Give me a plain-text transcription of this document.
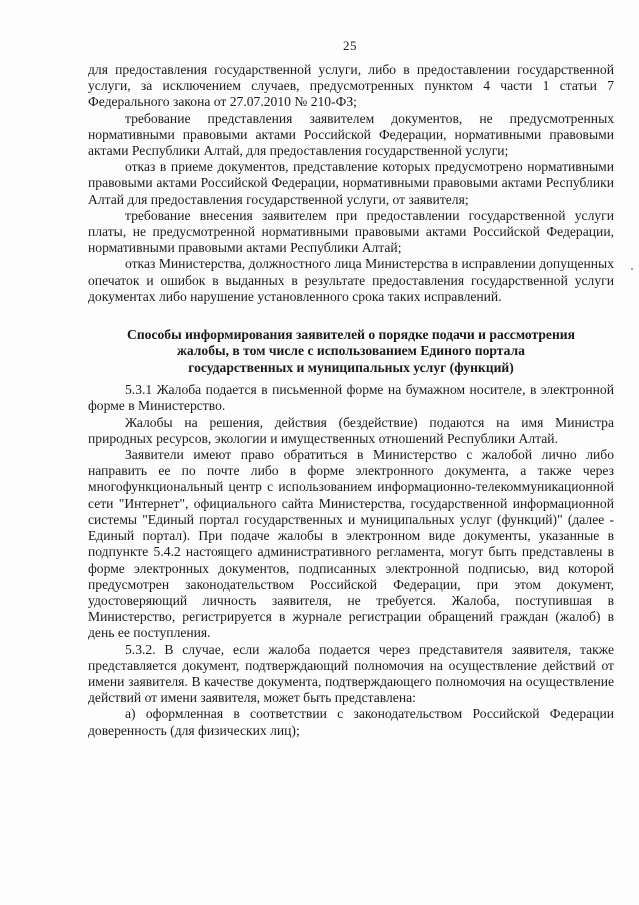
25

для предоставления государственной услуги, либо в предоставлении государственной услуги, за исключением случаев, предусмотренных пунктом 4 части 1 статьи 7 Федерального закона от 27.07.2010 № 210-ФЗ;

требование представления заявителем документов, не предусмотренных нормативными правовыми актами Российской Федерации, нормативными правовыми актами Республики Алтай, для предоставления государственной услуги;

отказ в приеме документов, представление которых предусмотрено нормативными правовыми актами Российской Федерации, нормативными правовыми актами Республики Алтай для предоставления государственной услуги, от заявителя;

требование внесения заявителем при предоставлении государственной услуги платы, не предусмотренной нормативными правовыми актами Российской Федерации, нормативными правовыми актами Республики Алтай;

отказ Министерства, должностного лица Министерства в исправлении допущенных опечаток и ошибок в выданных в результате предоставления государственной услуги документах либо нарушение установленного срока таких исправлений.

Способы информирования заявителей о порядке подачи и рассмотрения жалобы, в том числе с использованием Единого портала государственных и муниципальных услуг (функций)

5.3.1 Жалоба подается в письменной форме на бумажном носителе, в электронной форме в Министерство.

Жалобы на решения, действия (бездействие) подаются на имя Министра природных ресурсов, экологии и имущественных отношений Республики Алтай.

Заявители имеют право обратиться в Министерство с жалобой лично либо направить ее по почте либо в форме электронного документа, а также через многофункциональный центр с использованием информационно-телекоммуникационной сети "Интернет", официального сайта Министерства, государственной информационной системы "Единый портал государственных и муниципальных услуг (функций)" (далее - Единый портал). При подаче жалобы в электронном виде документы, указанные в подпункте 5.4.2 настоящего административного регламента, могут быть представлены в форме электронных документов, подписанных электронной подписью, вид которой предусмотрен законодательством Российской Федерации, при этом документ, удостоверяющий личность заявителя, не требуется. Жалоба, поступившая в Министерство, регистрируется в журнале регистрации обращений граждан (жалоб) в день ее поступления.

5.3.2. В случае, если жалоба подается через представителя заявителя, также представляется документ, подтверждающий полномочия на осуществление действий от имени заявителя. В качестве документа, подтверждающего полномочия на осуществление действий от имени заявителя, может быть представлена:

а) оформленная в соответствии с законодательством Российской Федерации доверенность (для физических лиц);
